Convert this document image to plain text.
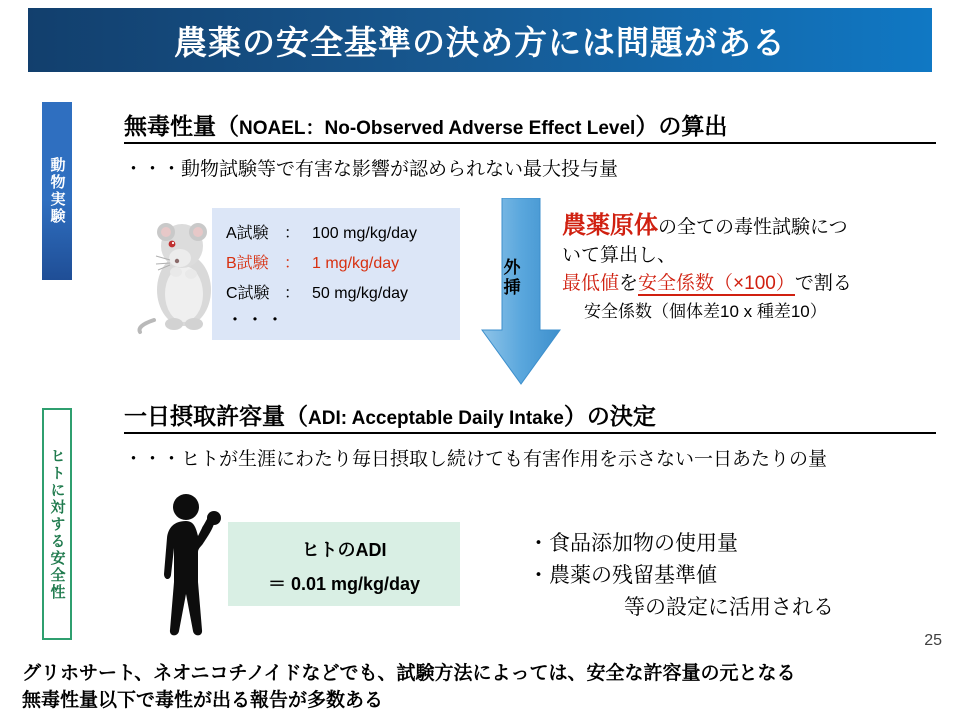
農薬の安全基準の決め方には問題がある
動物実験
ヒトに対する安全性
無毒性量（NOAEL：No-Observed Adverse Effect Level）の算出
・・・動物試験等で有害な影響が認められない最大投与量
A試験 ： 100 mg/kg/day
B試験 ： 1 mg/kg/day
C試験 ： 50 mg/kg/day
・・・
外
挿
農薬原体の全ての毒性試験につ
いて算出し、
最低値を安全係数（×100）で割る
安全係数（個体差10 x 種差10）
一日摂取許容量（ADI: Acceptable Daily Intake）の決定
・・・ヒトが生涯にわたり毎日摂取し続けても有害作用を示さない一日あたりの量
ヒトのADI
＝ 0.01 mg/kg/day
・食品添加物の使用量
・農薬の残留基準値
等の設定に活用される
25
グリホサート、ネオニコチノイドなどでも、試験方法によっては、安全な許容量の元となる
無毒性量以下で毒性が出る報告が多数ある
